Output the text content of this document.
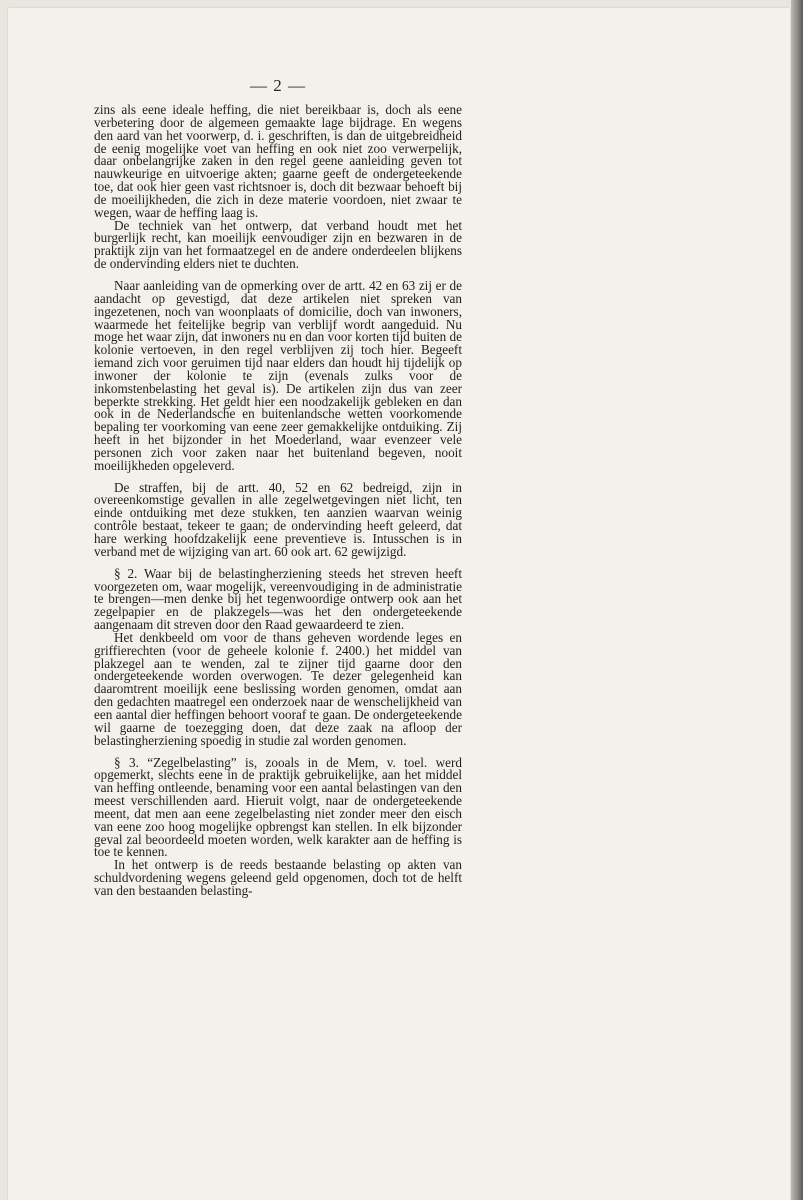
— 2 —

zins als eene ideale heffing, die niet bereikbaar is, doch als eene verbetering door de algemeen gemaakte lage bijdrage. En wegens den aard van het voorwerp, d. i. geschriften, is dan de uitgebreidheid de eenig mogelijke voet van heffing en ook niet zoo verwerpelijk, daar onbelangrijke zaken in den regel geene aanleiding geven tot nauwkeurige en uitvoerige akten; gaarne geeft de ondergeteekende toe, dat ook hier geen vast richtsnoer is, doch dit bezwaar behoeft bij de moeilijkheden, die zich in deze materie voordoen, niet zwaar te wegen, waar de heffing laag is.

De techniek van het ontwerp, dat verband houdt met het burgerlijk recht, kan moeilijk eenvoudiger zijn en bezwaren in de praktijk zijn van het formaatzegel en de andere onderdeelen blijkens de ondervinding elders niet te duchten.

Naar aanleiding van de opmerking over de artt. 42 en 63 zij er de aandacht op gevestigd, dat deze artikelen niet spreken van ingezetenen, noch van woonplaats of domicilie, doch van inwoners, waarmede het feitelijke begrip van verblijf wordt aangeduid. Nu moge het waar zijn, dat inwoners nu en dan voor korten tijd buiten de kolonie vertoeven, in den regel verblijven zij toch hier. Begeeft iemand zich voor geruimen tijd naar elders dan houdt hij tijdelijk op inwoner der kolonie te zijn (evenals zulks voor de inkomstenbelasting het geval is). De artikelen zijn dus van zeer beperkte strekking. Het geldt hier een noodzakelijk gebleken en dan ook in de Nederlandsche en buitenlandsche wetten voorkomende bepaling ter voorkoming van eene zeer gemakkelijke ontduiking. Zij heeft in het bijzonder in het Moederland, waar evenzeer vele personen zich voor zaken naar het buitenland begeven, nooit moeilijkheden opgeleverd.

De straffen, bij de artt. 40, 52 en 62 bedreigd, zijn in overeenkomstige gevallen in alle zegelwetgevingen niet licht, ten einde ontduiking met deze stukken, ten aanzien waarvan weinig contrôle bestaat, tekeer te gaan; de ondervinding heeft geleerd, dat hare werking hoofdzakelijk eene preventieve is. Intusschen is in verband met de wijziging van art. 60 ook art. 62 gewijzigd.

§ 2. Waar bij de belastingherziening steeds het streven heeft voorgezeten om, waar mogelijk, vereenvoudiging in de administratie te brengen—men denke bij het tegenwoordige ontwerp ook aan het zegelpapier en de plakzegels—was het den ondergeteekende aangenaam dit streven door den Raad gewaardeerd te zien.

Het denkbeeld om voor de thans geheven wordende leges en griffierechten (voor de geheele kolonie f. 2400.) het middel van plakzegel aan te wenden, zal te zijner tijd gaarne door den ondergeteekende worden overwogen. Te dezer gelegenheid kan daaromtrent moeilijk eene beslissing worden genomen, omdat aan den gedachten maatregel een onderzoek naar de wenschelijkheid van een aantal dier heffingen behoort vooraf te gaan. De ondergeteekende wil gaarne de toezegging doen, dat deze zaak na afloop der belastingherziening spoedig in studie zal worden genomen.

§ 3. “Zegelbelasting” is, zooals in de Mem, v. toel. werd opgemerkt, slechts eene in de praktijk gebruikelijke, aan het middel van heffing ontleende, benaming voor een aantal belastingen van den meest verschillenden aard. Hieruit volgt, naar de ondergeteekende meent, dat men aan eene zegelbelasting niet zonder meer den eisch van eene zoo hoog mogelijke opbrengst kan stellen. In elk bijzonder geval zal beoordeeld moeten worden, welk karakter aan de heffing is toe te kennen.

In het ontwerp is de reeds bestaande belasting op akten van schuldvordening wegens geleend geld opgenomen, doch tot de helft van den bestaanden belasting-
